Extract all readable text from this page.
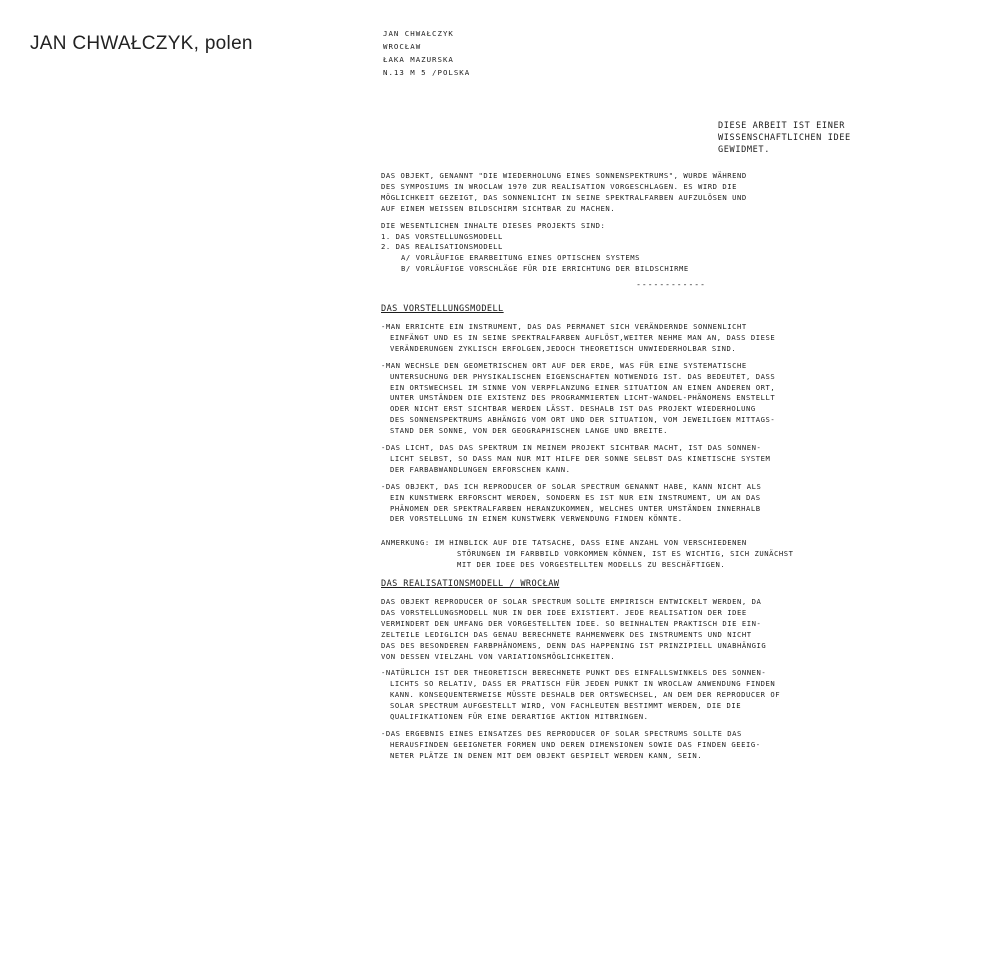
JAN CHWAŁCZYK, polen	JAN CHWAŁCZYK
WROCŁAW
ŁAKA MAZURSKA
N.13 M 5 /POLSKA
DIESE ARBEIT IST EINER
WISSENSCHAFTLICHEN IDEE
GEWIDMET.

DAS OBJEKT, GENANNT "DIE WIEDERHOLUNG EINES SONNENSPEKTRUMS", WURDE WÄHREND
DES SYMPOSIUMS IN WROCLAW 1970 ZUR REALISATION VORGESCHLAGEN. ES WIRD DIE
MÖGLICHKEIT GEZEIGT, DAS SONNENLICHT IN SEINE SPEKTRALFARBEN AUFZULÖSEN UND
AUF EINEM WEISSEN BILDSCHIRM SICHTBAR ZU MACHEN.

DIE WESENTLICHEN INHALTE DIESES PROJEKTS SIND:
1. DAS VORSTELLUNGSMODELL
2. DAS REALISATIONSMODELL
A/ VORLÄUFIGE ERARBEITUNG EINES OPTISCHEN SYSTEMS
B/ VORLÄUFIGE VORSCHLÄGE FÜR DIE ERRICHTUNG DER BILDSCHIRME
------------
DAS VORSTELLUNGSMODELL

-MAN ERRICHTE EIN INSTRUMENT, DAS DAS PERMANET SICH VERÄNDERNDE SONNENLICHT
EINFÄNGT UND ES IN SEINE SPEKTRALFARBEN AUFLÖST,WEITER NEHME MAN AN, DASS DIESE
VERÄNDERUNGEN ZYKLISCH ERFOLGEN,JEDOCH THEORETISCH UNWIEDERHOLBAR SIND.

-MAN WECHSLE DEN GEOMETRISCHEN ORT AUF DER ERDE, WAS FÜR EINE SYSTEMATISCHE
UNTERSUCHUNG DER PHYSIKALISCHEN EIGENSCHAFTEN NOTWENDIG IST. DAS BEDEUTET, DASS
EIN ORTSWECHSEL IM SINNE VON VERPFLANZUNG EINER SITUATION AN EINEN ANDEREN ORT,
UNTER UMSTÄNDEN DIE EXISTENZ DES PROGRAMMIERTEN LICHT-WANDEL-PHÄNOMENS ENSTELLT
ODER NICHT ERST SICHTBAR WERDEN LÄSST. DESHALB IST DAS PROJEKT WIEDERHOLUNG
DES SONNENSPEKTRUMS ABHÄNGIG VOM ORT UND DER SITUATION, VOM JEWEILIGEN MITTAGS-
STAND DER SONNE, VON DER GEOGRAPHISCHEN LANGE UND BREITE.

-DAS LICHT, DAS DAS SPEKTRUM IN MEINEM PROJEKT SICHTBAR MACHT, IST DAS SONNEN-
LICHT SELBST, SO DASS MAN NUR MIT HILFE DER SONNE SELBST DAS KINETISCHE SYSTEM
DER FARBABWANDLUNGEN ERFORSCHEN KANN.

-DAS OBJEKT, DAS ICH REPRODUCER OF SOLAR SPECTRUM GENANNT HABE, KANN NICHT ALS
EIN KUNSTWERK ERFORSCHT WERDEN, SONDERN ES IST NUR EIN INSTRUMENT, UM AN DAS
PHÄNOMEN DER SPEKTRALFARBEN HERANZUKOMMEN, WELCHES UNTER UMSTÄNDEN INNERHALB
DER VORSTELLUNG IN EINEM KUNSTWERK VERWENDUNG FINDEN KÖNNTE.

ANMERKUNG: IM HINBLICK AUF DIE TATSACHE, DASS EINE ANZAHL VON VERSCHIEDENEN
STÖRUNGEN IM FARBBILD VORKOMMEN KÖNNEN, IST ES WICHTIG, SICH ZUNÄCHST
MIT DER IDEE DES VORGESTELLTEN MODELLS ZU BESCHÄFTIGEN.

DAS REALISATIONSMODELL / WROCŁAW

DAS OBJEKT REPRODUCER OF SOLAR SPECTRUM SOLLTE EMPIRISCH ENTWICKELT WERDEN, DA
DAS VORSTELLUNGSMODELL NUR IN DER IDEE EXISTIERT. JEDE REALISATION DER IDEE
VERMINDERT DEN UMFANG DER VORGESTELLTEN IDEE. SO BEINHALTEN PRAKTISCH DIE EIN-
ZELTEILE LEDIGLICH DAS GENAU BERECHNETE RAHMENWERK DES INSTRUMENTS UND NICHT
DAS DES BESONDEREN FARBPHÄNOMENS, DENN DAS HAPPENING IST PRINZIPIELL UNABHÄNGIG
VON DESSEN VIELZAHL VON VARIATIONSMÖGLICHKEITEN.

-NATÜRLICH IST DER THEORETISCH BERECHNETE PUNKT DES EINFALLSWINKELS DES SONNEN-
LICHTS SO RELATIV, DASS ER PRATISCH FÜR JEDEN PUNKT IN WROCLAW ANWENDUNG FINDEN
KANN. KONSEQUENTERWEISE MÜSSTE DESHALB DER ORTSWECHSEL, AN DEM DER REPRODUCER OF
SOLAR SPECTRUM AUFGESTELLT WIRD, VON FACHLEUTEN BESTIMMT WERDEN, DIE DIE
QUALIFIKATIONEN FÜR EINE DERARTIGE AKTION MITBRINGEN.

-DAS ERGEBNIS EINES EINSATZES DES REPRODUCER OF SOLAR SPECTRUMS SOLLTE DAS
HERAUSFINDEN GEEIGNETER FORMEN UND DEREN DIMENSIONEN SOWIE DAS FINDEN GEEIG-
NETER PLÄTZE IN DENEN MIT DEM OBJEKT GESPIELT WERDEN KANN, SEIN.
